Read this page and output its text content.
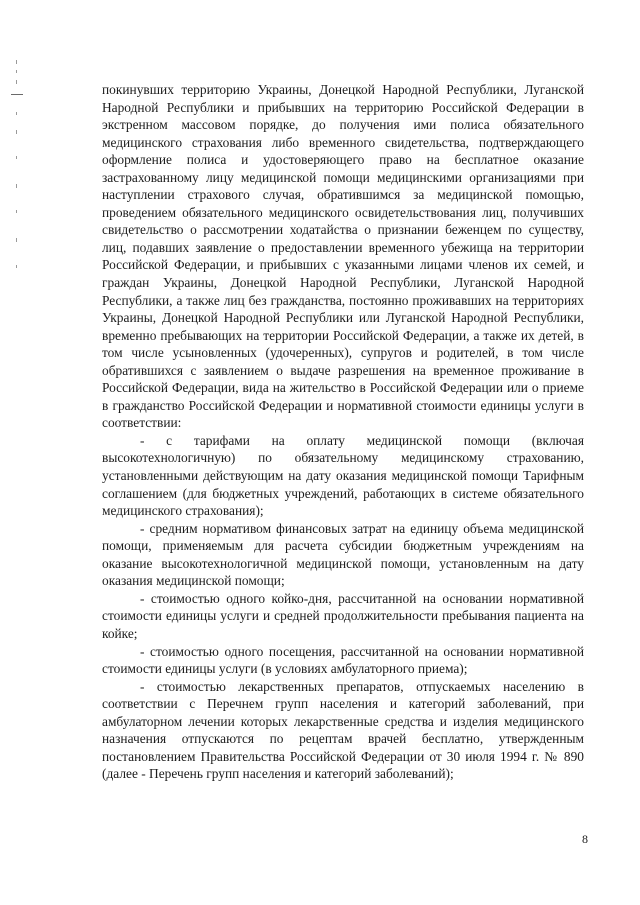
покинувших территорию Украины, Донецкой Народной Республики, Луганской Народной Республики и прибывших на территорию Российской Федерации в экстренном массовом порядке, до получения ими полиса обязательного медицинского страхования либо временного свидетельства, подтверждающего оформление полиса и удостоверяющего право на бесплатное оказание застрахованному лицу медицинской помощи медицинскими организациями при наступлении страхового случая, обратившимся за медицинской помощью, проведением обязательного медицинского освидетельствования лиц, получивших свидетельство о рассмотрении ходатайства о признании беженцем по существу, лиц, подавших заявление о предоставлении временного убежища на территории Российской Федерации, и прибывших с указанными лицами членов их семей, и граждан Украины, Донецкой Народной Республики, Луганской Народной Республики, а также лиц без гражданства, постоянно проживавших на территориях Украины, Донецкой Народной Республики или Луганской Народной Республики, временно пребывающих на территории Российской Федерации, а также их детей, в том числе усыновленных (удочеренных), супругов и родителей, в том числе обратившихся с заявлением о выдаче разрешения на временное проживание в Российской Федерации, вида на жительство в Российской Федерации или о приеме в гражданство Российской Федерации и нормативной стоимости единицы услуги в соответствии:

- с тарифами на оплату медицинской помощи (включая высокотехнологичную) по обязательному медицинскому страхованию, установленными действующим на дату оказания медицинской помощи Тарифным соглашением (для бюджетных учреждений, работающих в системе обязательного медицинского страхования);

- средним нормативом финансовых затрат на единицу объема медицинской помощи, применяемым для расчета субсидии бюджетным учреждениям на оказание высокотехнологичной медицинской помощи, установленным на дату оказания медицинской помощи;

- стоимостью одного койко-дня, рассчитанной на основании нормативной стоимости единицы услуги и средней продолжительности пребывания пациента на койке;

- стоимостью одного посещения, рассчитанной на основании нормативной стоимости единицы услуги (в условиях амбулаторного приема);

- стоимостью лекарственных препаратов, отпускаемых населению в соответствии с Перечнем групп населения и категорий заболеваний, при амбулаторном лечении которых лекарственные средства и изделия медицинского назначения отпускаются по рецептам врачей бесплатно, утвержденным постановлением Правительства Российской Федерации от 30 июля 1994 г. № 890 (далее - Перечень групп населения и категорий заболеваний);

8
